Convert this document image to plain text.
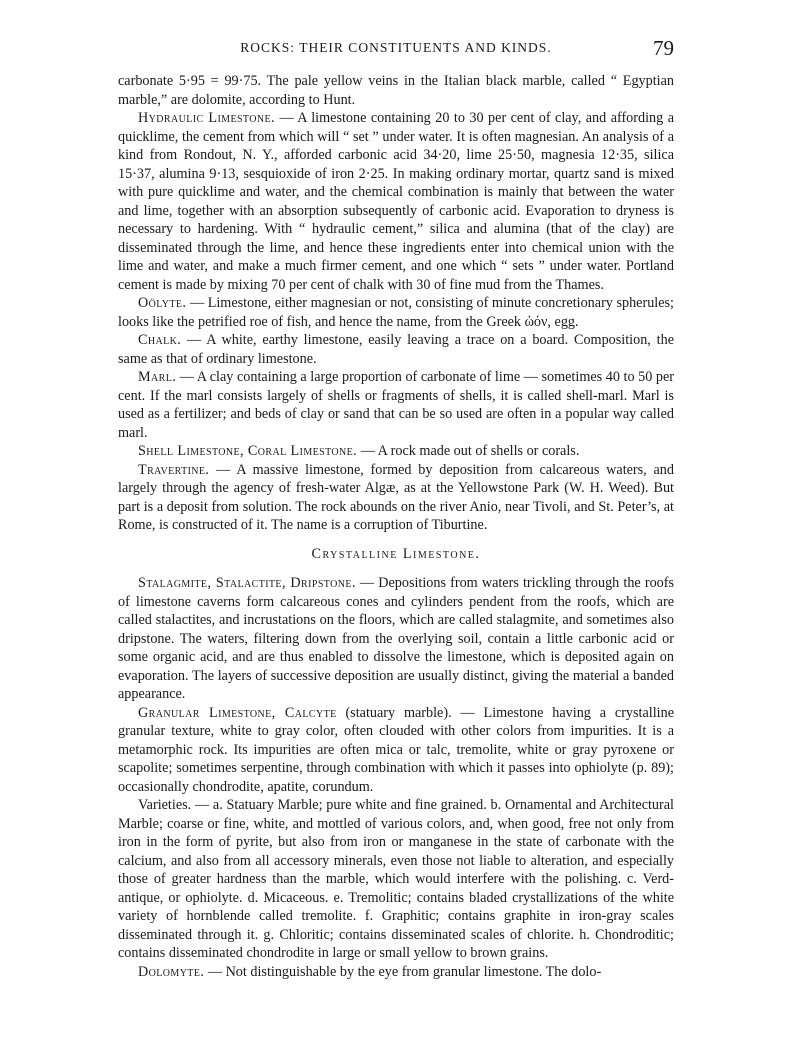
ROCKS: THEIR CONSTITUENTS AND KINDS.	79

carbonate 5·95 = 99·75. The pale yellow veins in the Italian black marble, called “ Egyptian marble,” are dolomite, according to Hunt.

Hydraulic Limestone. — A limestone containing 20 to 30 per cent of clay, and affording a quicklime, the cement from which will “ set ” under water. It is often magnesian. An analysis of a kind from Rondout, N. Y., afforded carbonic acid 34·20, lime 25·50, magnesia 12·35, silica 15·37, alumina 9·13, sesquioxide of iron 2·25. In making ordinary mortar, quartz sand is mixed with pure quicklime and water, and the chemical combination is mainly that between the water and lime, together with an absorption subsequently of carbonic acid. Evaporation to dryness is necessary to hardening. With “ hydraulic cement,” silica and alumina (that of the clay) are disseminated through the lime, and hence these ingredients enter into chemical union with the lime and water, and make a much firmer cement, and one which “ sets ” under water. Portland cement is made by mixing 70 per cent of chalk with 30 of fine mud from the Thames.

Oölyte. — Limestone, either magnesian or not, consisting of minute concretionary spherules; looks like the petrified roe of fish, and hence the name, from the Greek ὠόν, egg.

Chalk. — A white, earthy limestone, easily leaving a trace on a board. Composition, the same as that of ordinary limestone.

Marl. — A clay containing a large proportion of carbonate of lime — sometimes 40 to 50 per cent. If the marl consists largely of shells or fragments of shells, it is called shell-marl. Marl is used as a fertilizer; and beds of clay or sand that can be so used are often in a popular way called marl.

Shell Limestone, Coral Limestone. — A rock made out of shells or corals.

Travertine. — A massive limestone, formed by deposition from calcareous waters, and largely through the agency of fresh-water Algæ, as at the Yellowstone Park (W. H. Weed). But part is a deposit from solution. The rock abounds on the river Anio, near Tivoli, and St. Peter’s, at Rome, is constructed of it. The name is a corruption of Tiburtine.

Crystalline Limestone.

Stalagmite, Stalactite, Dripstone. — Depositions from waters trickling through the roofs of limestone caverns form calcareous cones and cylinders pendent from the roofs, which are called stalactites, and incrustations on the floors, which are called stalagmite, and sometimes also dripstone. The waters, filtering down from the overlying soil, contain a little carbonic acid or some organic acid, and are thus enabled to dissolve the limestone, which is deposited again on evaporation. The layers of successive deposition are usually distinct, giving the material a banded appearance.

Granular Limestone, Calcyte (statuary marble). — Limestone having a crystalline granular texture, white to gray color, often clouded with other colors from impurities. It is a metamorphic rock. Its impurities are often mica or talc, tremolite, white or gray pyroxene or scapolite; sometimes serpentine, through combination with which it passes into ophiolyte (p. 89); occasionally chondrodite, apatite, corundum.

Varieties. — a. Statuary Marble; pure white and fine grained. b. Ornamental and Architectural Marble; coarse or fine, white, and mottled of various colors, and, when good, free not only from iron in the form of pyrite, but also from iron or manganese in the state of carbonate with the calcium, and also from all accessory minerals, even those not liable to alteration, and especially those of greater hardness than the marble, which would interfere with the polishing. c. Verd-antique, or ophiolyte. d. Micaceous. e. Tremolitic; contains bladed crystallizations of the white variety of hornblende called tremolite. f. Graphitic; contains graphite in iron-gray scales disseminated through it. g. Chloritic; contains disseminated scales of chlorite. h. Chondroditic; contains disseminated chondrodite in large or small yellow to brown grains.

Dolomyte. — Not distinguishable by the eye from granular limestone. The dolo-
